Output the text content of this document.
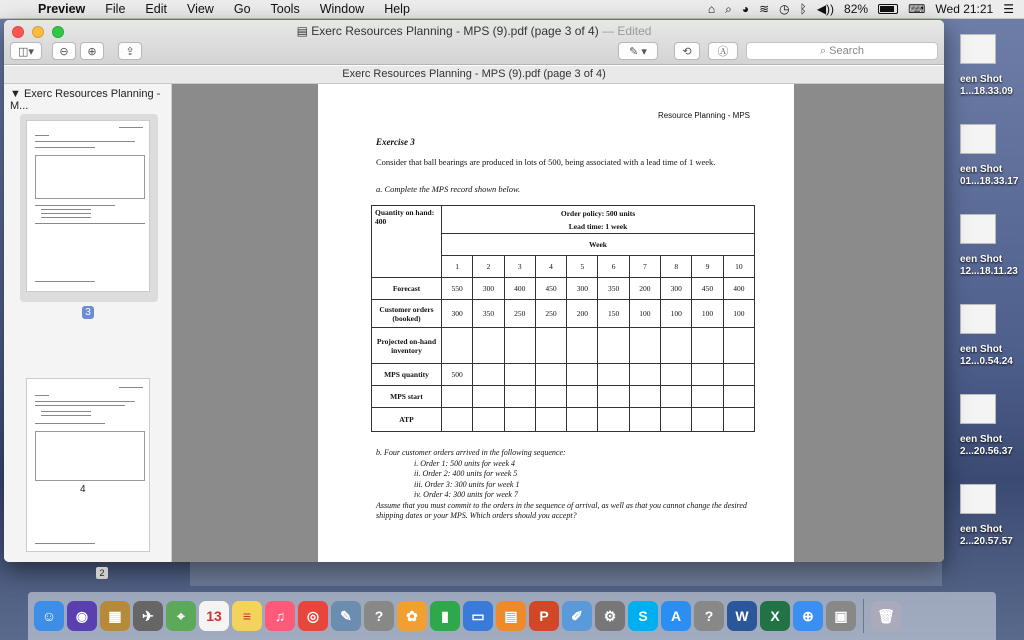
Preview	File	Edit	View	Go	Tools	Window	Help	⌂ ⌕ ◕ ≋ ◷ ᛒ ◀)) 82%	⌨ Wed 21:21 ☰
een Shot
1...18.33.09
een Shot
01...18.33.17
een Shot
12...18.11.23
een Shot
12...0.54.24
een Shot
2...20.56.37
een Shot
2...20.57.57
▤ Exerc Resources Planning - MPS (9).pdf (page 3 of 4) — Edited
◫▾ ⊖ ⊕	⇪	✎ ▾	⟲ Ⓐ	⌕ Search
Exerc Resources Planning - MPS (9).pdf (page 3 of 4)
▼ Exerc Resources Planning - M...
3
Resource Planning - MPS
Exercise 3
Consider that ball bearings are produced in lots of 500, being associated with a lead time of 1 week.
a. Complete the MPS record shown below.
Quantity on hand: 400	Order policy: 500 units
Lead time: 1 week									

	Week									
	1	2	3	4	5	6	7	8	9	10
Forecast	550	300	400	450	300	350	200	300	450	400
Customer orders (booked)	300	350	250	250	200	150	100	100	100	100
Projected on-hand inventory										
MPS quantity	500									
MPS start										
ATP										
b. Four customer orders arrived in the following sequence:
i. Order 1: 500 units for week 4
ii. Order 2: 400 units for week 5
iii. Order 3: 300 units for week 1
iv. Order 4: 300 units for week 7
Assume that you must commit to the orders in the sequence of arrival, as well as that you cannot change the desired shipping dates or your MPS. Which orders should you accept?
4
2
☺	◉	▦	✈	⌖	13	≡	♫	◎	✎	?	✿	▮	▭	▤	P	✐	⚙	S	A	?	W	X	⊕	▣	🗑
